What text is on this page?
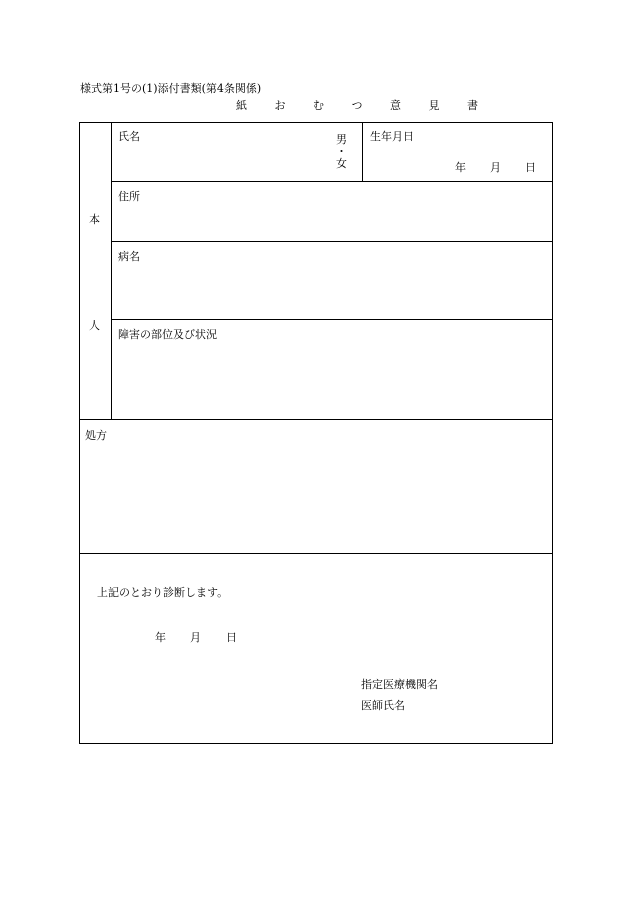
様式第1号の(1)添付書類(第4条関係)
紙 お む つ 意 見 書
本
人
氏名	男
・
女
生年月日
年 月 日
住所
病名
障害の部位及び状況
処方
上記のとおり診断します。
年 月 日
指定医療機関名
医師氏名
